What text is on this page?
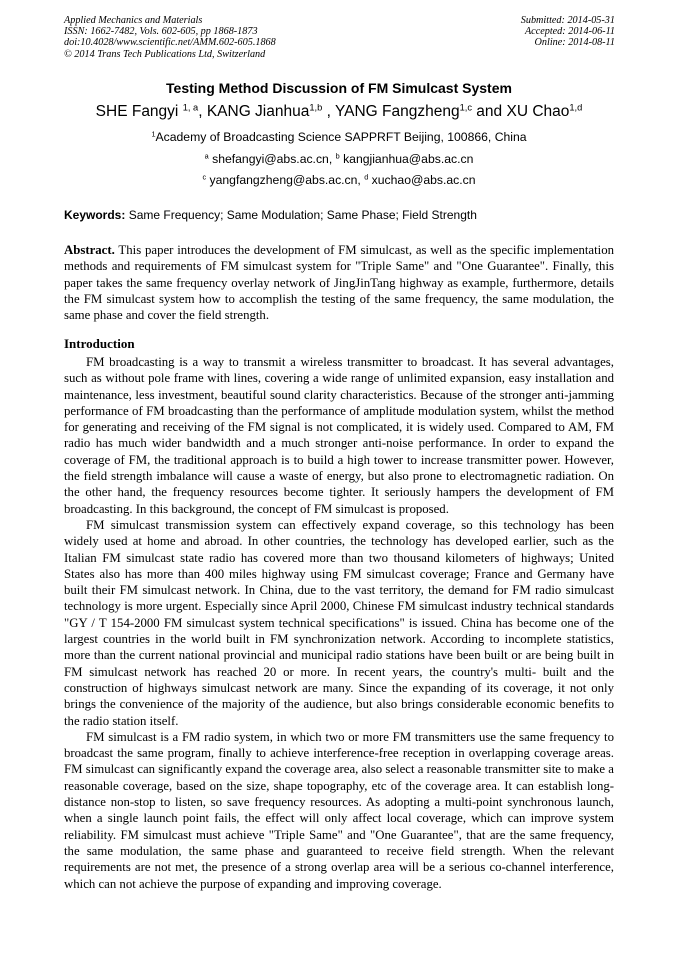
Applied Mechanics and Materials
ISSN: 1662-7482, Vols. 602-605, pp 1868-1873
doi:10.4028/www.scientific.net/AMM.602-605.1868
© 2014 Trans Tech Publications Ltd, Switzerland
Submitted: 2014-05-31
Accepted: 2014-06-11
Online: 2014-08-11
Testing Method Discussion of FM Simulcast System
SHE Fangyi $^{1, a}$, KANG Jianhua$^{1,b}$ , YANG Fangzheng$^{1,c}$ and XU Chao$^{1,d}$
$^1$Academy of Broadcasting Science SAPPRFT Beijing, 100866, China
$^a$ shefangyi@abs.ac.cn, $^b$ kangjianhua@abs.ac.cn
$^c$ yangfangzheng@abs.ac.cn, $^d$ xuchao@abs.ac.cn
Keywords: Same Frequency; Same Modulation; Same Phase; Field Strength
Abstract. This paper introduces the development of FM simulcast, as well as the specific implementation methods and requirements of FM simulcast system for "Triple Same" and "One Guarantee". Finally, this paper takes the same frequency overlay network of JingJinTang highway as example, furthermore, details the FM simulcast system how to accomplish the testing of the same frequency, the same modulation, the same phase and cover the field strength.
Introduction

FM broadcasting is a way to transmit a wireless transmitter to broadcast. It has several advantages, such as without pole frame with lines, covering a wide range of unlimited expansion, easy installation and maintenance, less investment, beautiful sound clarity characteristics. Because of the stronger anti-jamming performance of FM broadcasting than the performance of amplitude modulation system, whilst the method for generating and receiving of the FM signal is not complicated, it is widely used. Compared to AM, FM radio has much wider bandwidth and a much stronger anti-noise performance. In order to expand the coverage of FM, the traditional approach is to build a high tower to increase transmitter power. However, the field strength imbalance will cause a waste of energy, but also prone to electromagnetic radiation. On the other hand, the frequency resources become tighter. It seriously hampers the development of FM broadcasting. In this background, the concept of FM simulcast is proposed.

FM simulcast transmission system can effectively expand coverage, so this technology has been widely used at home and abroad. In other countries, the technology has developed earlier, such as the Italian FM simulcast state radio has covered more than two thousand kilometers of highways; United States also has more than 400 miles highway using FM simulcast coverage; France and Germany have built their FM simulcast network. In China, due to the vast territory, the demand for FM radio simulcast technology is more urgent. Especially since April 2000, Chinese FM simulcast industry technical standards "GY / T 154-2000 FM simulcast system technical specifications" is issued. China has become one of the largest countries in the world built in FM synchronization network. According to incomplete statistics, more than the current national provincial and municipal radio stations have been built or are being built in FM simulcast network has reached 20 or more. In recent years, the country's multi- built and the construction of highways simulcast network are many. Since the expanding of its coverage, it not only brings the convenience of the majority of the audience, but also brings considerable economic benefits to the radio station itself.

FM simulcast is a FM radio system, in which two or more FM transmitters use the same frequency to broadcast the same program, finally to achieve interference-free reception in overlapping coverage areas. FM simulcast can significantly expand the coverage area, also select a reasonable transmitter site to make a reasonable coverage, based on the size, shape topography, etc of the coverage area. It can establish long-distance non-stop to listen, so save frequency resources. As adopting a multi-point synchronous launch, when a single launch point fails, the effect will only affect local coverage, which can improve system reliability. FM simulcast must achieve "Triple Same" and "One Guarantee", that are the same frequency, the same modulation, the same phase and guaranteed to receive field strength. When the relevant requirements are not met, the presence of a strong overlap area will be a serious co-channel interference, which can not achieve the purpose of expanding and improving coverage.
